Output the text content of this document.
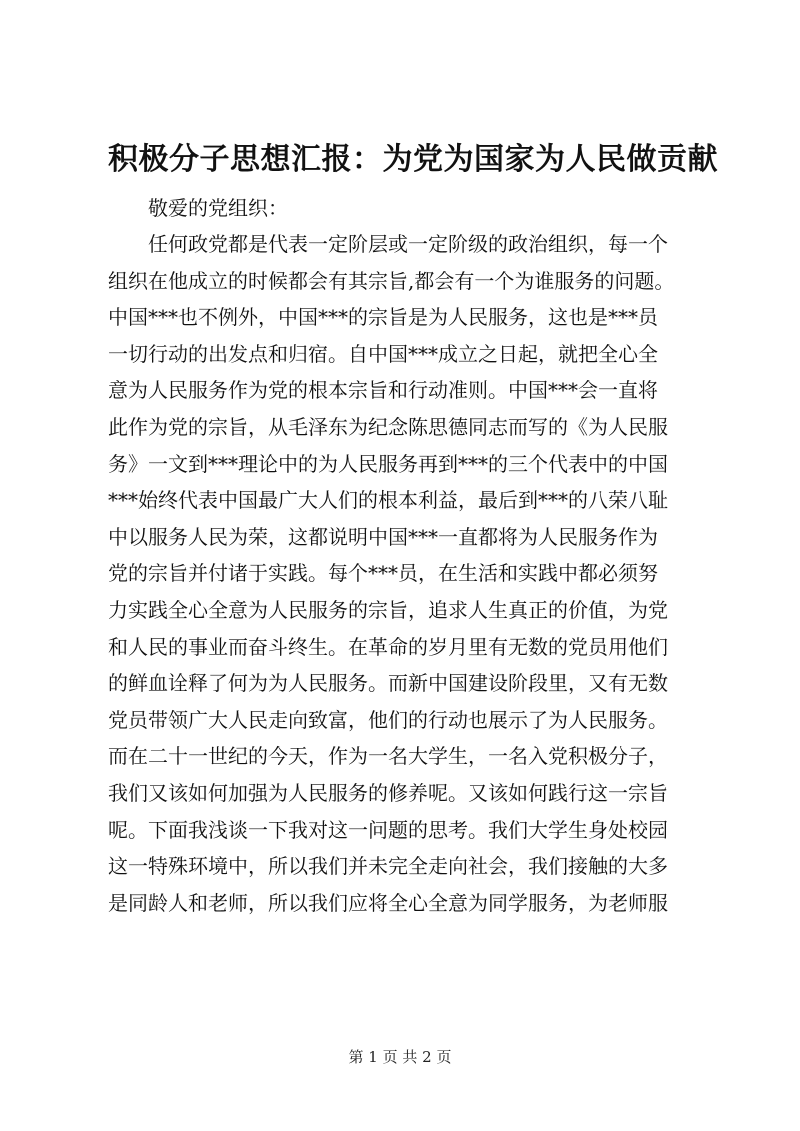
积极分子思想汇报：为党为国家为人民做贡献
敬爱的党组织：
任何政党都是代表一定阶层或一定阶级的政治组织，每一个
组织在他成立的时候都会有其宗旨,都会有一个为谁服务的问题。
中国***也不例外，中国***的宗旨是为人民服务，这也是***员
一切行动的出发点和归宿。自中国***成立之日起，就把全心全
意为人民服务作为党的根本宗旨和行动准则。中国***会一直将
此作为党的宗旨，从毛泽东为纪念陈思德同志而写的《为人民服
务》一文到***理论中的为人民服务再到***的三个代表中的中国
***始终代表中国最广大人们的根本利益，最后到***的八荣八耻
中以服务人民为荣，这都说明中国***一直都将为人民服务作为
党的宗旨并付诸于实践。每个***员，在生活和实践中都必须努
力实践全心全意为人民服务的宗旨，追求人生真正的价值，为党
和人民的事业而奋斗终生。在革命的岁月里有无数的党员用他们
的鲜血诠释了何为为人民服务。而新中国建设阶段里，又有无数
党员带领广大人民走向致富，他们的行动也展示了为人民服务。
而在二十一世纪的今天，作为一名大学生，一名入党积极分子，
我们又该如何加强为人民服务的修养呢。又该如何践行这一宗旨
呢。下面我浅谈一下我对这一问题的思考。我们大学生身处校园
这一特殊环境中，所以我们并未完全走向社会，我们接触的大多
是同龄人和老师，所以我们应将全心全意为同学服务，为老师服
第 1 页 共 2 页
